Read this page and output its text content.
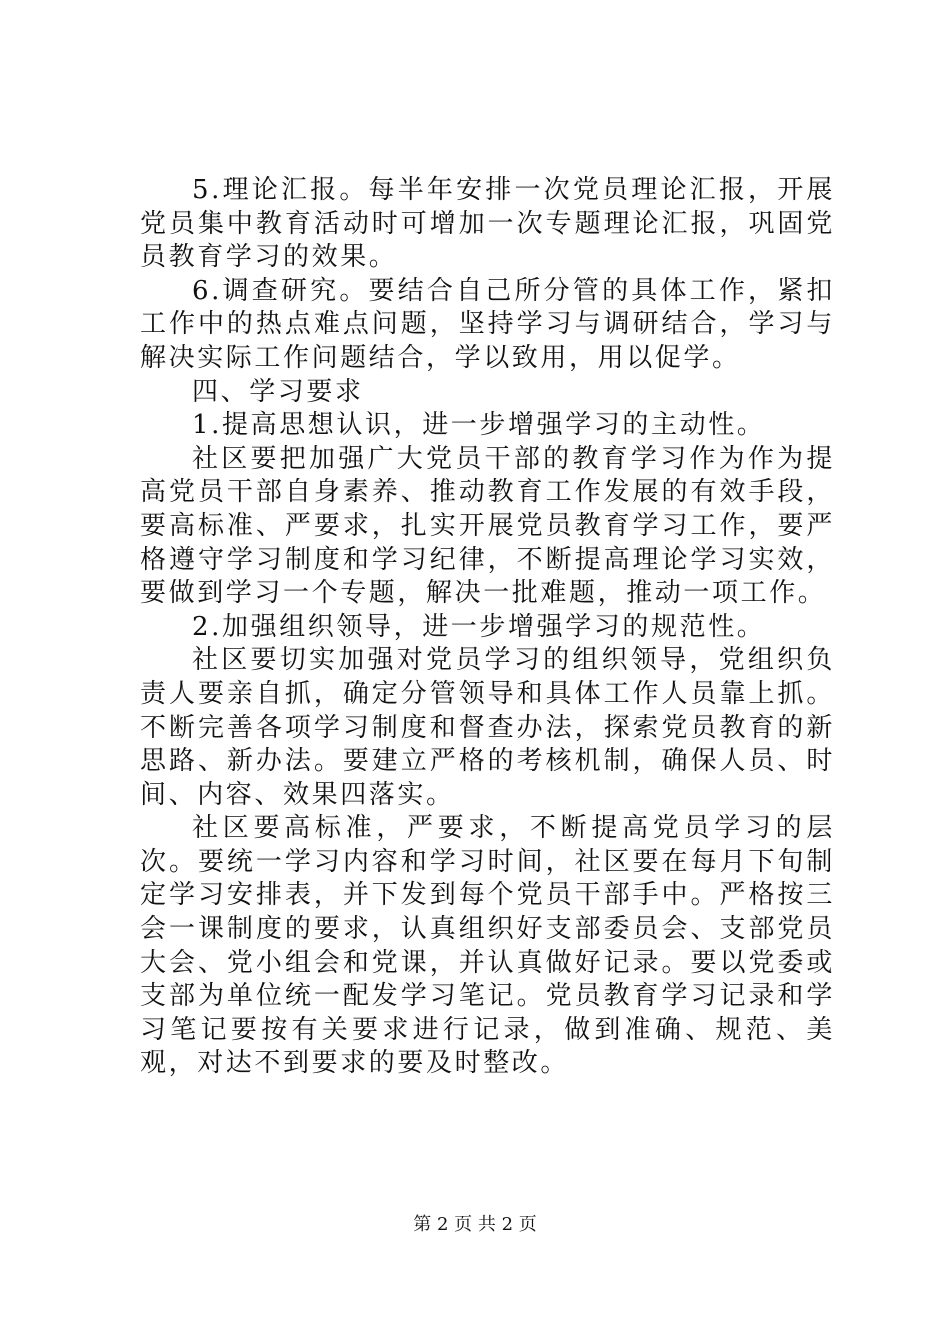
5.理论汇报。每半年安排一次党员理论汇报，开展党员集中教育活动时可增加一次专题理论汇报，巩固党员教育学习的效果。

6.调查研究。要结合自己所分管的具体工作，紧扣工作中的热点难点问题，坚持学习与调研结合，学习与解决实际工作问题结合，学以致用，用以促学。

四、学习要求

1.提高思想认识，进一步增强学习的主动性。

社区要把加强广大党员干部的教育学习作为作为提高党员干部自身素养、推动教育工作发展的有效手段，要高标准、严要求，扎实开展党员教育学习工作，要严格遵守学习制度和学习纪律，不断提高理论学习实效，要做到学习一个专题，解决一批难题，推动一项工作。

2.加强组织领导，进一步增强学习的规范性。

社区要切实加强对党员学习的组织领导，党组织负责人要亲自抓，确定分管领导和具体工作人员靠上抓。不断完善各项学习制度和督查办法，探索党员教育的新思路、新办法。要建立严格的考核机制，确保人员、时间、内容、效果四落实。

社区要高标准，严要求，不断提高党员学习的层次。要统一学习内容和学习时间，社区要在每月下旬制定学习安排表，并下发到每个党员干部手中。严格按三会一课制度的要求，认真组织好支部委员会、支部党员大会、党小组会和党课，并认真做好记录。要以党委或支部为单位统一配发学习笔记。党员教育学习记录和学习笔记要按有关要求进行记录，做到准确、规范、美观，对达不到要求的要及时整改。

第 2 页 共 2 页
